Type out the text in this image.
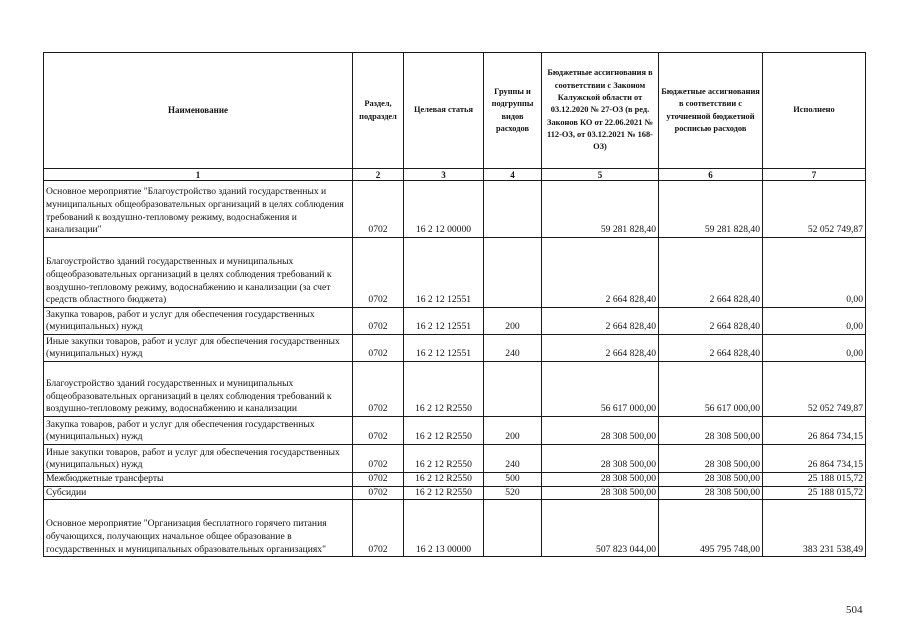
Наименование	Раздел, подраздел	Целевая статья	Группы и подгруппы видов расходов	Бюджетные ассигнования в соответствии с Законом Калужской области от 03.12.2020 № 27-ОЗ (в ред. Законов КО от 22.06.2021 № 112-ОЗ, от 03.12.2021 № 168-ОЗ)	Бюджетные ассигнования в соответствии с уточненной бюджетной росписью расходов	Исполнено
1	2	3	4	5	6	7
Основное мероприятие "Благоустройство зданий государственных и муниципальных общеобразовательных организаций в целях соблюдения требований к воздушно-тепловому режиму, водоснабжения и канализации"	0702	16 2 12 00000		59 281 828,40	59 281 828,40	52 052 749,87
Благоустройство зданий государственных и муниципальных общеобразовательных организаций в целях соблюдения требований к воздушно-тепловому режиму, водоснабжению и канализации (за счет средств областного бюджета)	0702	16 2 12 12551		2 664 828,40	2 664 828,40	0,00
Закупка товаров, работ и услуг для обеспечения государственных (муниципальных) нужд	0702	16 2 12 12551	200	2 664 828,40	2 664 828,40	0,00
Иные закупки товаров, работ и услуг для обеспечения государственных (муниципальных) нужд	0702	16 2 12 12551	240	2 664 828,40	2 664 828,40	0,00
Благоустройство зданий государственных и муниципальных общеобразовательных организаций в целях соблюдения требований к воздушно-тепловому режиму, водоснабжению и канализации	0702	16 2 12 R2550		56 617 000,00	56 617 000,00	52 052 749,87
Закупка товаров, работ и услуг для обеспечения государственных (муниципальных) нужд	0702	16 2 12 R2550	200	28 308 500,00	28 308 500,00	26 864 734,15
Иные закупки товаров, работ и услуг для обеспечения государственных (муниципальных) нужд	0702	16 2 12 R2550	240	28 308 500,00	28 308 500,00	26 864 734,15
Межбюджетные трансферты	0702	16 2 12 R2550	500	28 308 500,00	28 308 500,00	25 188 015,72
Субсидии	0702	16 2 12 R2550	520	28 308 500,00	28 308 500,00	25 188 015,72
Основное мероприятие "Организация бесплатного горячего питания обучающихся, получающих начальное общее образование в государственных и муниципальных образовательных организациях"	0702	16 2 13 00000		507 823 044,00	495 795 748,00	383 231 538,49
504
